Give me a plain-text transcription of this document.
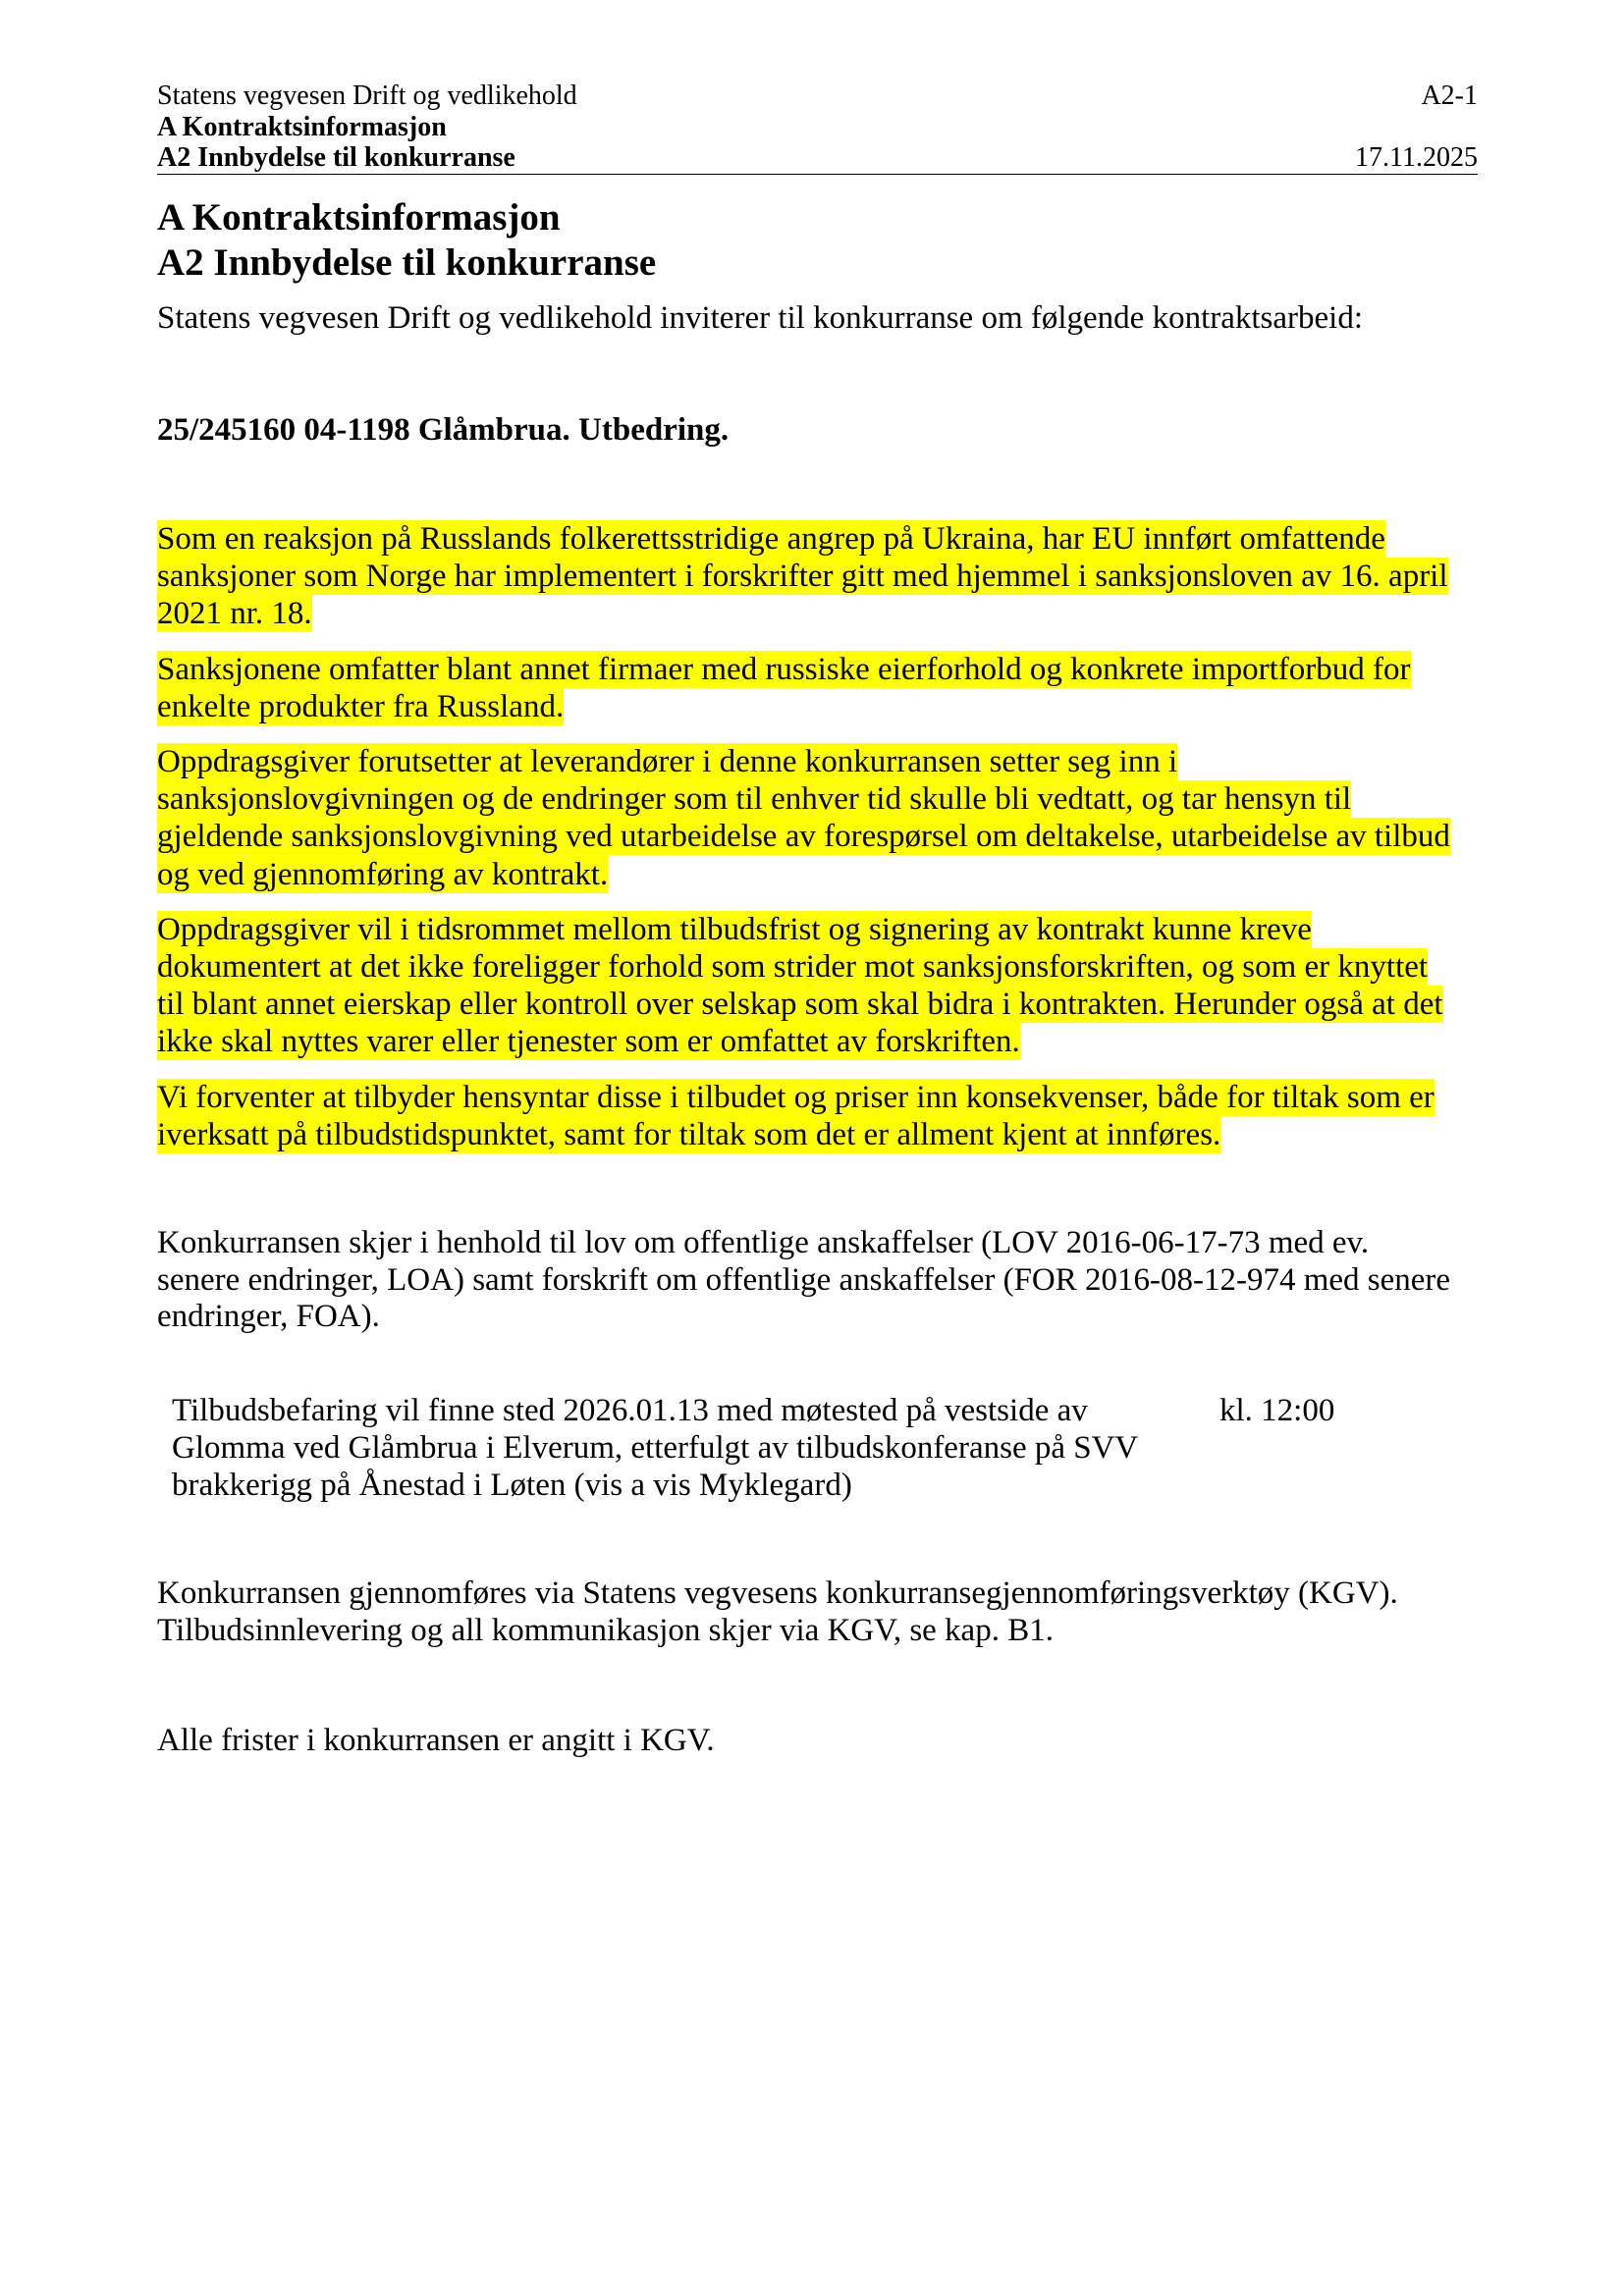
Statens vegvesen Drift og vedlikehold	A2-1
A Kontraktsinformasjon
A2 Innbydelse til konkurranse	17.11.2025
A Kontraktsinformasjon
A2 Innbydelse til konkurranse
Statens vegvesen Drift og vedlikehold inviterer til konkurranse om følgende kontraktsarbeid:
25/245160 04-1198 Glåmbrua. Utbedring.

Som en reaksjon på Russlands folkerettsstridige angrep på Ukraina, har EU innført omfattende
sanksjoner som Norge har implementert i forskrifter gitt med hjemmel i sanksjonsloven av 16. april
2021 nr. 18.

Sanksjonene omfatter blant annet firmaer med russiske eierforhold og konkrete importforbud for
enkelte produkter fra Russland.

Oppdragsgiver forutsetter at leverandører i denne konkurransen setter seg inn i
sanksjonslovgivningen og de endringer som til enhver tid skulle bli vedtatt, og tar hensyn til
gjeldende sanksjonslovgivning ved utarbeidelse av forespørsel om deltakelse, utarbeidelse av tilbud
og ved gjennomføring av kontrakt.

Oppdragsgiver vil i tidsrommet mellom tilbudsfrist og signering av kontrakt kunne kreve
dokumentert at det ikke foreligger forhold som strider mot sanksjonsforskriften, og som er knyttet
til blant annet eierskap eller kontroll over selskap som skal bidra i kontrakten. Herunder også at det
ikke skal nyttes varer eller tjenester som er omfattet av forskriften.

Vi forventer at tilbyder hensyntar disse i tilbudet og priser inn konsekvenser, både for tiltak som er
iverksatt på tilbudstidspunktet, samt for tiltak som det er allment kjent at innføres.

Konkurransen skjer i henhold til lov om offentlige anskaffelser (LOV 2016-06-17-73 med ev.
senere endringer, LOA) samt forskrift om offentlige anskaffelser (FOR 2016-08-12-974 med senere
endringer, FOA).
Tilbudsbefaring vil finne sted 2026.01.13 med møtested på vestside av
Glomma ved Glåmbrua i Elverum, etterfulgt av tilbudskonferanse på SVV
brakkerigg på Ånestad i Løten (vis a vis Myklegard)
kl. 12:00
Konkurransen gjennomføres via Statens vegvesens konkurransegjennomføringsverktøy (KGV).
Tilbudsinnlevering og all kommunikasjon skjer via KGV, se kap. B1.
Alle frister i konkurransen er angitt i KGV.
